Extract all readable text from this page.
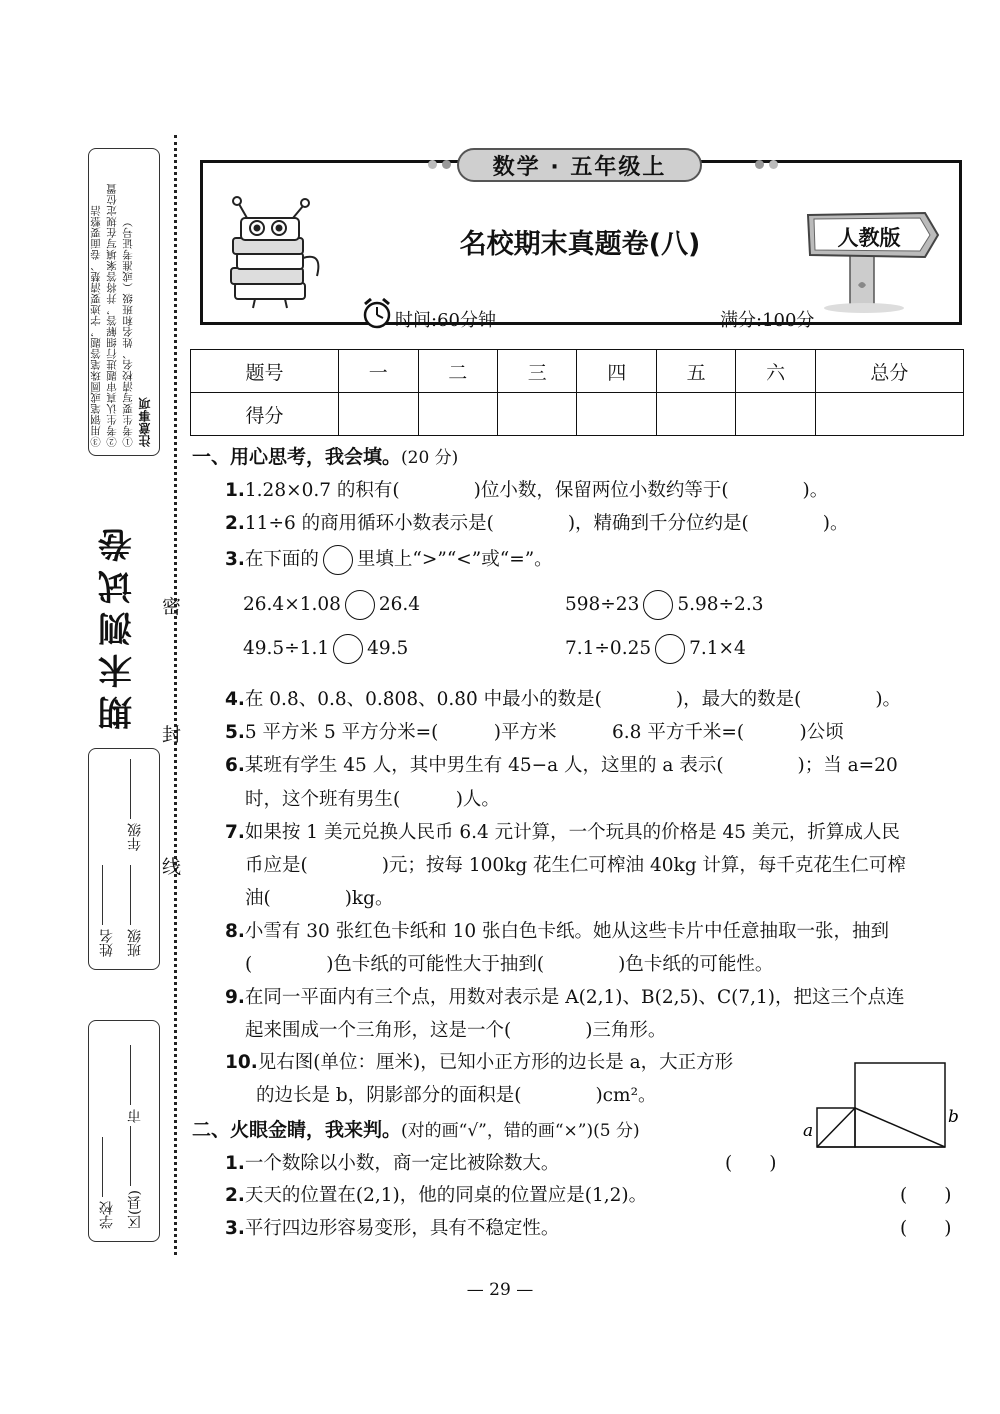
注意事项
①考生要写清校名、姓名和班级（或准考证号）
②考生认真审题进行细解答，并将答案填写在规定位置
③用钢笔或圆珠笔答题，字迹要清楚、卷面要整洁
期末测试卷 密
封
线
班级
姓名
年级
区(县)
学校
市
数学 · 五年级上
名校期末真题卷(八)	人教版
时间:60分钟	满分:100分
题号	一	二	三	四	五	六	总分
得分							
一、用心思考，我会填。(20 分)
1.1.28×0.7 的积有(　　　　)位小数，保留两位小数约等于(　　　　)。
2.11÷6 的商用循环小数表示是(　　　　)，精确到千分位约是(　　　　)。
3.在下面的 里填上“>”“<”或“=”。
26.4×1.08 26.4	598÷23 5.98÷2.3
49.5÷1.1 49.5	7.1÷0.25 7.1×4
4.在 0.8̇、0.8、0.8̇08̇、0.8̇0̇ 中最小的数是(　　　　)，最大的数是(　　　　)。
5.5 平方米 5 平方分米=(　　　)平方米　　　6.8 平方千米=(　　　)公顷
6.某班有学生 45 人，其中男生有 45−a 人，这里的 a 表示(　　　　)；当 a=20
时，这个班有男生(　　　)人。
7.如果按 1 美元兑换人民币 6.4 元计算，一个玩具的价格是 45 美元，折算成人民
币应是(　　　　)元；按每 100kg 花生仁可榨油 40kg 计算，每千克花生仁可榨
油(　　　　)kg。
8.小雪有 30 张红色卡纸和 10 张白色卡纸。她从这些卡片中任意抽取一张，抽到
(　　　　)色卡纸的可能性大于抽到(　　　　)色卡纸的可能性。
9.在同一平面内有三个点，用数对表示是 A(2,1)、B(2,5)、C(7,1)，把这三个点连
起来围成一个三角形，这是一个(　　　　)三角形。
10.见右图(单位：厘米)，已知小正方形的边长是 a，大正方形
的边长是 b，阴影部分的面积是(　　　　)cm²。
a
b
二、火眼金睛，我来判。(对的画“√”，错的画“×”)(5 分)
1.一个数除以小数，商一定比被除数大。	(　　)
2.天天的位置在(2,1)，他的同桌的位置应是(1,2)。	(　　)
3.平行四边形容易变形，具有不稳定性。	(　　)
— 29 —
